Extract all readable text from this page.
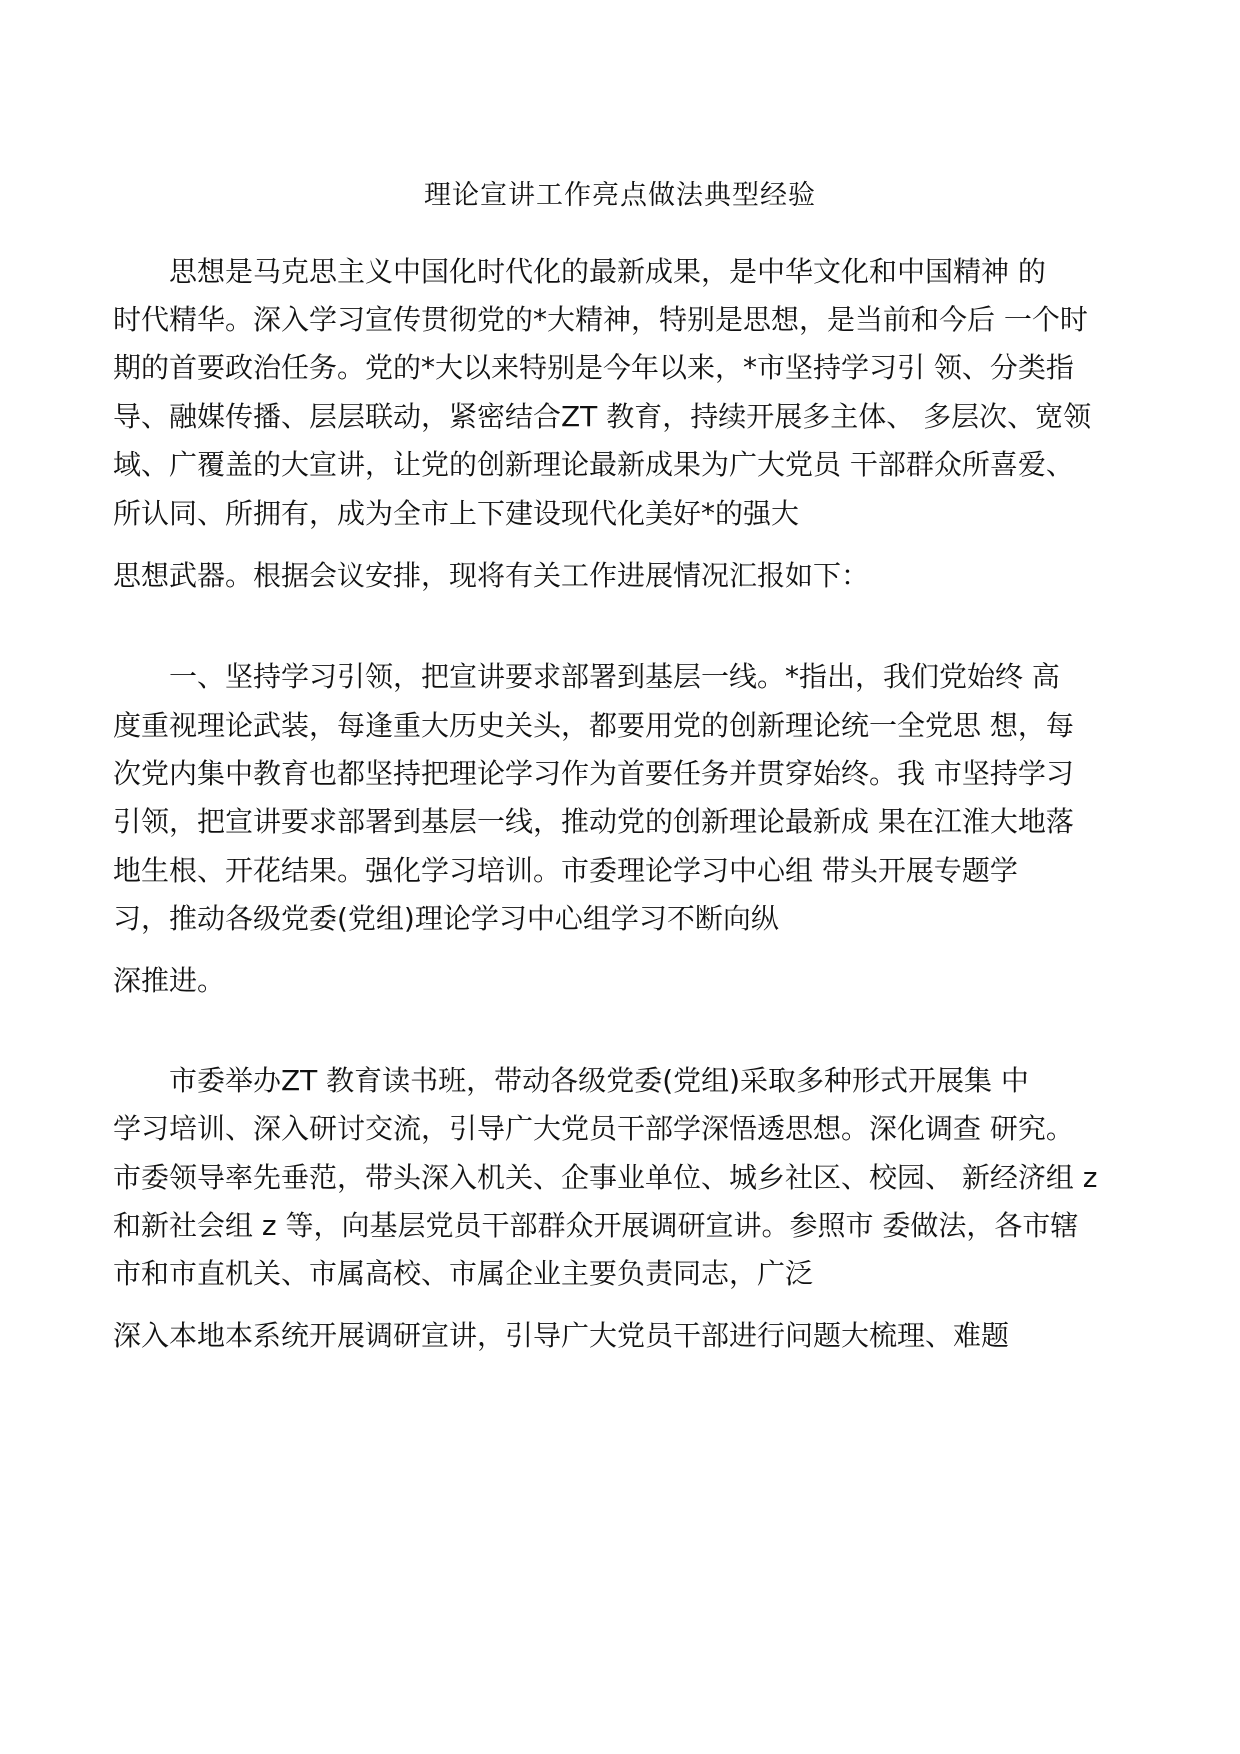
理论宣讲工作亮点做法典型经验
　　思想是马克思主义中国化时代化的最新成果，是中华文化和中国精神 的
时代精华。深入学习宣传贯彻党的*大精神，特别是思想，是当前和今后 一个时
期的首要政治任务。党的*大以来特别是今年以来，*市坚持学习引 领、分类指
导、融媒传播、层层联动，紧密结合ZT 教育，持续开展多主体、 多层次、宽领
域、广覆盖的大宣讲，让党的创新理论最新成果为广大党员 干部群众所喜爱、
所认同、所拥有，成为全市上下建设现代化美好*的强大
思想武器。根据会议安排，现将有关工作进展情况汇报如下：
　　一、坚持学习引领，把宣讲要求部署到基层一线。*指出，我们党始终 高
度重视理论武装，每逢重大历史关头，都要用党的创新理论统一全党思 想，每
次党内集中教育也都坚持把理论学习作为首要任务并贯穿始终。我 市坚持学习
引领，把宣讲要求部署到基层一线，推动党的创新理论最新成 果在江淮大地落
地生根、开花结果。强化学习培训。市委理论学习中心组 带头开展专题学
习，推动各级党委(党组)理论学习中心组学习不断向纵
深推进。
　　市委举办ZT 教育读书班，带动各级党委(党组)采取多种形式开展集 中
学习培训、深入研讨交流，引导广大党员干部学深悟透思想。深化调查 研究。
市委领导率先垂范，带头深入机关、企事业单位、城乡社区、校园、 新经济组 z
和新社会组 z 等，向基层党员干部群众开展调研宣讲。参照市 委做法，各市辖
市和市直机关、市属高校、市属企业主要负责同志，广泛
深入本地本系统开展调研宣讲，引导广大党员干部进行问题大梳理、难题
